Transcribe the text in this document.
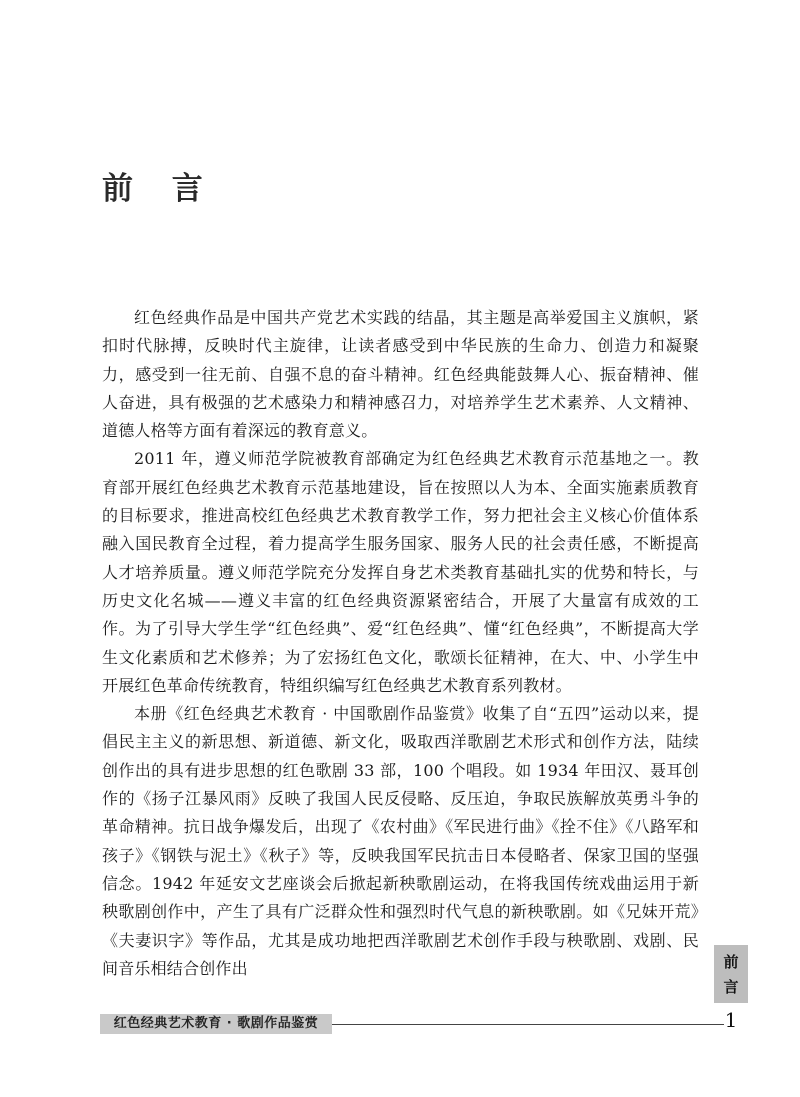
前 言

红色经典作品是中国共产党艺术实践的结晶，其主题是高举爱国主义旗帜，紧扣时代脉搏，反映时代主旋律，让读者感受到中华民族的生命力、创造力和凝聚力，感受到一往无前、自强不息的奋斗精神。红色经典能鼓舞人心、振奋精神、催人奋进，具有极强的艺术感染力和精神感召力，对培养学生艺术素养、人文精神、道德人格等方面有着深远的教育意义。

2011 年，遵义师范学院被教育部确定为红色经典艺术教育示范基地之一。教育部开展红色经典艺术教育示范基地建设，旨在按照以人为本、全面实施素质教育的目标要求，推进高校红色经典艺术教育教学工作，努力把社会主义核心价值体系融入国民教育全过程，着力提高学生服务国家、服务人民的社会责任感，不断提高人才培养质量。遵义师范学院充分发挥自身艺术类教育基础扎实的优势和特长，与历史文化名城——遵义丰富的红色经典资源紧密结合，开展了大量富有成效的工作。为了引导大学生学“红色经典”、爱“红色经典”、懂“红色经典”，不断提高大学生文化素质和艺术修养；为了宏扬红色文化，歌颂长征精神，在大、中、小学生中开展红色革命传统教育，特组织编写红色经典艺术教育系列教材。

本册《红色经典艺术教育 · 中国歌剧作品鉴赏》收集了自“五四”运动以来，提倡民主主义的新思想、新道德、新文化，吸取西洋歌剧艺术形式和创作方法，陆续创作出的具有进步思想的红色歌剧 33 部，100 个唱段。如 1934 年田汉、聂耳创作的《扬子江暴风雨》反映了我国人民反侵略、反压迫，争取民族解放英勇斗争的革命精神。抗日战争爆发后，出现了《农村曲》《军民进行曲》《拴不住》《八路军和孩子》《钢铁与泥土》《秋子》等，反映我国军民抗击日本侵略者、保家卫国的坚强信念。1942 年延安文艺座谈会后掀起新秧歌剧运动，在将我国传统戏曲运用于新秧歌剧创作中，产生了具有广泛群众性和强烈时代气息的新秧歌剧。如《兄妹开荒》《夫妻识字》等作品，尤其是成功地把西洋歌剧艺术创作手段与秧歌剧、戏剧、民间音乐相结合创作出	前
言
1
红色经典艺术教育 · 歌剧作品鉴赏
